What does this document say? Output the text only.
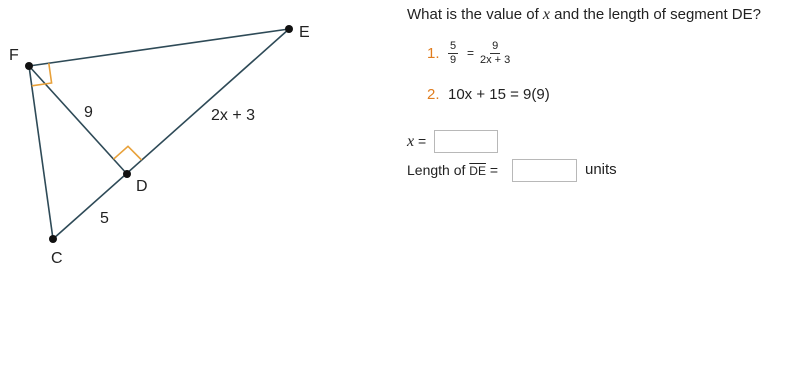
F
E
D
C
9
5
2x + 3
What is the value of x and the length of segment DE?
1. $\frac{5}{9} = \frac{9}{2x + 3}$
2. 10x + 15 = 9(9)
x =
Length of $\overline{DE}$ =	units
